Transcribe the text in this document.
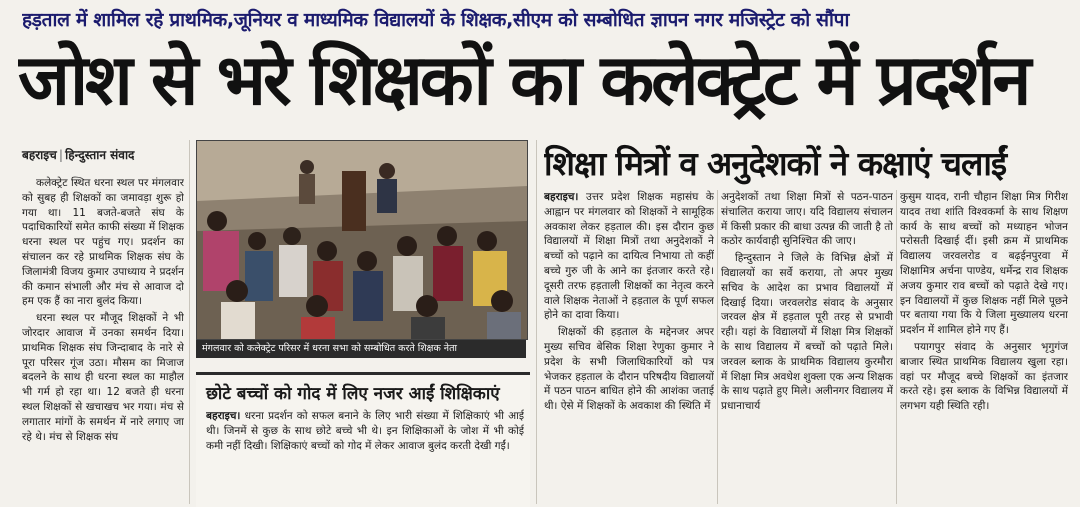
हड़ताल में शामिल रहे प्राथमिक,जूनियर व माध्यमिक विद्यालयों के शिक्षक,सीएम को सम्बोधित ज्ञापन नगर मजिस्ट्रेट को सौंपा
जोश से भरे शिक्षकों का कलेक्ट्रेट में प्रदर्शन
बहराइच | हिन्दुस्तान संवाद

कलेक्ट्रेट स्थित धरना स्थल पर मंगलवार को सुबह ही शिक्षकों का जमावड़ा शुरू हो गया था। 11 बजते-बजते संघ के पदाधिकारियों समेत काफी संख्या में शिक्षक धरना स्थल पर पहुंच गए। प्रदर्शन का संचालन कर रहे प्राथमिक शिक्षक संघ के जिलामंत्री विजय कुमार उपाध्याय ने प्रदर्शन की कमान संभाली और मंच से आवाज दो हम एक हैं का नारा बुलंद किया।

धरना स्थल पर मौजूद शिक्षकों ने भी जोरदार आवाज में उनका समर्थन दिया। प्राथमिक शिक्षक संघ जिन्दाबाद के नारे से पूरा परिसर गूंज उठा। मौसम का मिजाज बदलने के साथ ही धरना स्थल का माहौल भी गर्म हो रहा था। 12 बजते ही धरना स्थल शिक्षकों से खचाखच भर गया। मंच से लगातार मांगों के समर्थन में नारे लगाए जा रहे थे। मंच से शिक्षक संघ

मंगलवार को कलेक्ट्रेट परिसर में धरना सभा को सम्बोधित करते शिक्षक नेता
छोटे बच्चों को गोद में लिए नजर आईं शिक्षिकाएं
बहराइच। धरना प्रदर्शन को सफल बनाने के लिए भारी संख्या में शिक्षिकाएं भी आई थी। जिनमें से कुछ के साथ छोटे बच्चे भी थे। इन शिक्षिकाओं के जोश में भी कोई कमी नहीं दिखी। शिक्षिकाएं बच्चों को गोद में लेकर आवाज बुलंद करती देखी गईं।
शिक्षा मित्रों व अनुदेशकों ने कक्षाएं चलाईं

बहराइच। उत्तर प्रदेश शिक्षक महासंघ के आह्वान पर मंगलवार को शिक्षकों ने सामूहिक अवकाश लेकर हड़ताल की। इस दौरान कुछ विद्यालयों में शिक्षा मित्रों तथा अनुदेशकों ने बच्चों को पढ़ाने का दायित्व निभाया तो कहीं बच्चे गुरु जी के आने का इंतजार करते रहे। दूसरी तरफ हड़ताली शिक्षकों का नेतृत्व करने वाले शिक्षक नेताओं ने हड़ताल के पूर्ण सफल होने का दावा किया।

शिक्षकों की हड़ताल के मद्देनजर अपर मुख्य सचिव बेसिक शिक्षा रेणुका कुमार ने प्रदेश के सभी जिलाधिकारियों को पत्र भेजकर हड़ताल के दौरान परिषदीय विद्यालयों में पठन पाठन बाधित होने की आशंका जताई थी। ऐसे में शिक्षकों के अवकाश की स्थिति में

अनुदेशकों तथा शिक्षा मित्रों से पठन-पाठन संचालित कराया जाए। यदि विद्यालय संचालन में किसी प्रकार की बाधा उत्पन्न की जाती है तो कठोर कार्यवाही सुनिश्चित की जाए।

हिन्दुस्तान ने जिले के विभिन्न क्षेत्रों में विद्यालयों का सर्वे कराया, तो अपर मुख्य सचिव के आदेश का प्रभाव विद्यालयों में दिखाई दिया। जरवलरोड संवाद के अनुसार जरवल क्षेत्र में हड़ताल पूरी तरह से प्रभावी रही। यहां के विद्यालयों में शिक्षा मित्र शिक्षकों के साथ विद्यालय में बच्चों को पढ़ाते मिले। जरवल ब्लाक के प्राथमिक विद्यालय कुरमौरा में शिक्षा मित्र अवधेश शुक्ला एक अन्य शिक्षक के साथ पढ़ाते हुए मिले। अलीनगर विद्यालय में प्रधानाचार्य

कुसुम यादव, रानी चौहान शिक्षा मित्र गिरीश यादव तथा शांति विश्वकर्मा के साथ शिक्षण कार्य के साथ बच्चों को मध्याहन भोजन परोसती दिखाई दीं। इसी क्रम में प्राथमिक विद्यालय जरवलरोड व बढ़ईनपुरवा में शिक्षामित्र अर्चना पाण्डेय, धर्मेन्द्र राव शिक्षक अजय कुमार राव बच्चों को पढ़ाते देखे गए। इन विद्यालयों में कुछ शिक्षक नहीं मिले पूछने पर बताया गया कि ये जिला मुख्यालय धरना प्रदर्शन में शामिल होने गए हैं।

पयागपुर संवाद के अनुसार भृगुगंज बाजार स्थित प्राथमिक विद्यालय खुला रहा। वहां पर मौजूद बच्चे शिक्षकों का इंतजार करते रहे। इस ब्लाक के विभिन्न विद्यालयों में लगभग यही स्थिति रही।
